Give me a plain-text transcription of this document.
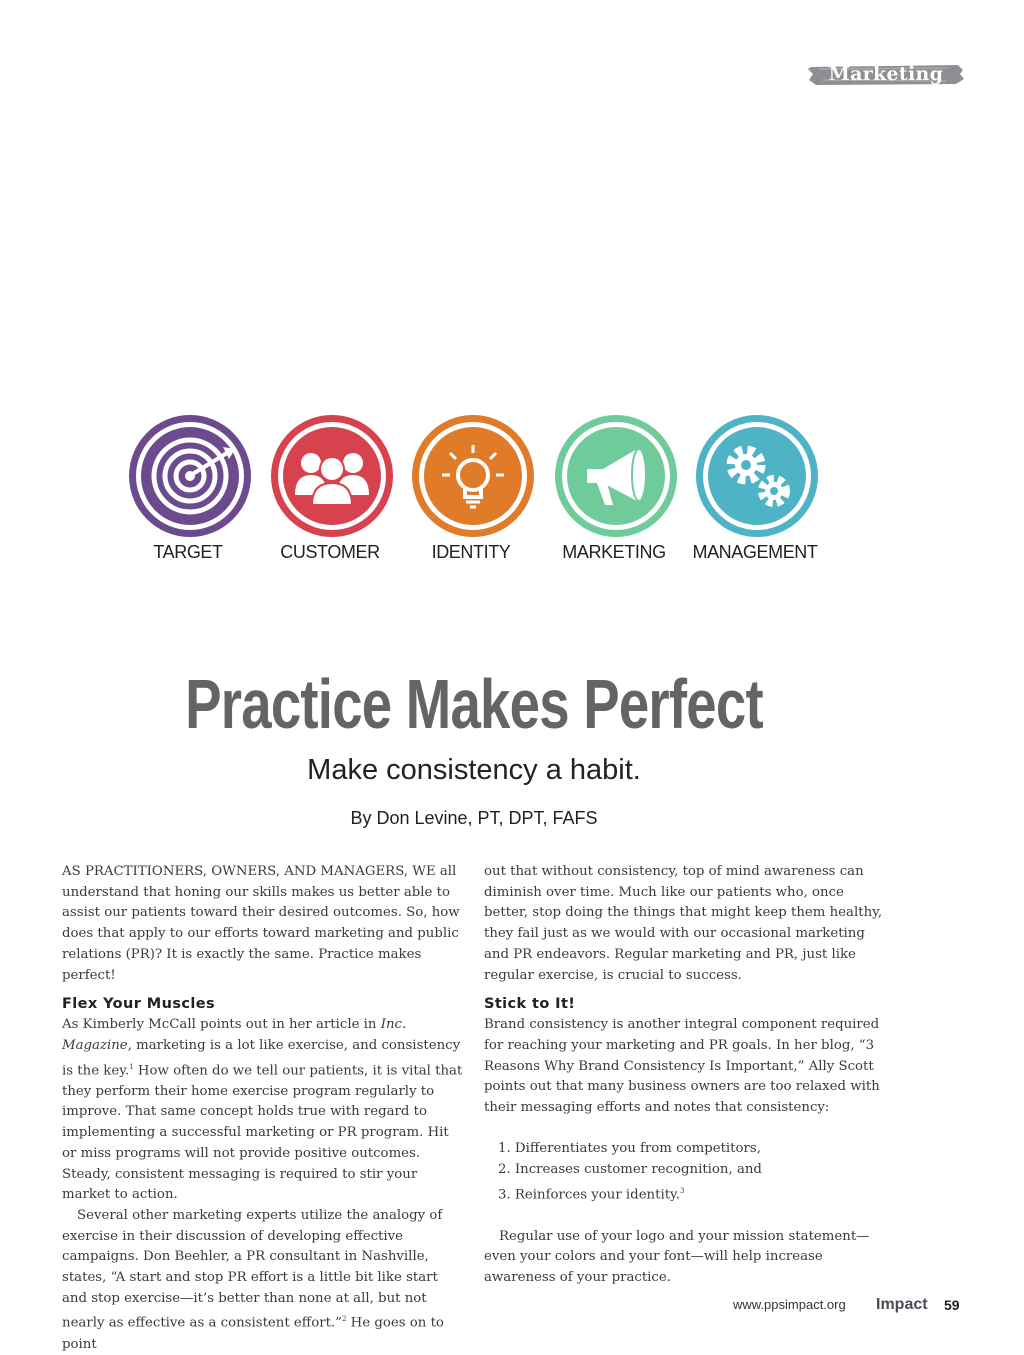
Marketing
TARGET	CUSTOMER	IDENTITY	MARKETING	MANAGEMENT
Practice Makes Perfect
Make consistency a habit.
By Don Levine, PT, DPT, FAFS

AS PRACTITIONERS, OWNERS, AND MANAGERS, WE all understand that honing our skills makes us better able to assist our patients toward their desired outcomes. So, how does that apply to our efforts toward marketing and public relations (PR)? It is exactly the same. Practice makes perfect!

Flex Your Muscles

As Kimberly McCall points out in her article in Inc. Magazine, marketing is a lot like exercise, and consistency is the key.$^1$ How often do we tell our patients, it is vital that they perform their home exercise program regularly to improve. That same concept holds true with regard to implementing a successful marketing or PR program. Hit or miss programs will not provide positive outcomes. Steady, consistent messaging is required to stir your market to action.

Several other marketing experts utilize the analogy of exercise in their discussion of developing effective campaigns. Don Beehler, a PR consultant in Nashville, states, “A start and stop PR effort is a little bit like start and stop exercise—it’s better than none at all, but not nearly as effective as a consistent effort.”$^2$ He goes on to point

out that without consistency, top of mind awareness can diminish over time. Much like our patients who, once better, stop doing the things that might keep them healthy, they fail just as we would with our occasional marketing and PR endeavors. Regular marketing and PR, just like regular exercise, is crucial to success.

Stick to It!

Brand consistency is another integral component required for reaching your marketing and PR goals. In her blog, “3 Reasons Why Brand Consistency Is Important,” Ally Scott points out that many business owners are too relaxed with their messaging efforts and notes that consistency:

1. Differentiates you from competitors,
2. Increases customer recognition, and
3. Reinforces your identity.$^3$

Regular use of your logo and your mission statement—even your colors and your font—will help increase awareness of your practice.

www.ppsimpact.org Impact 59
